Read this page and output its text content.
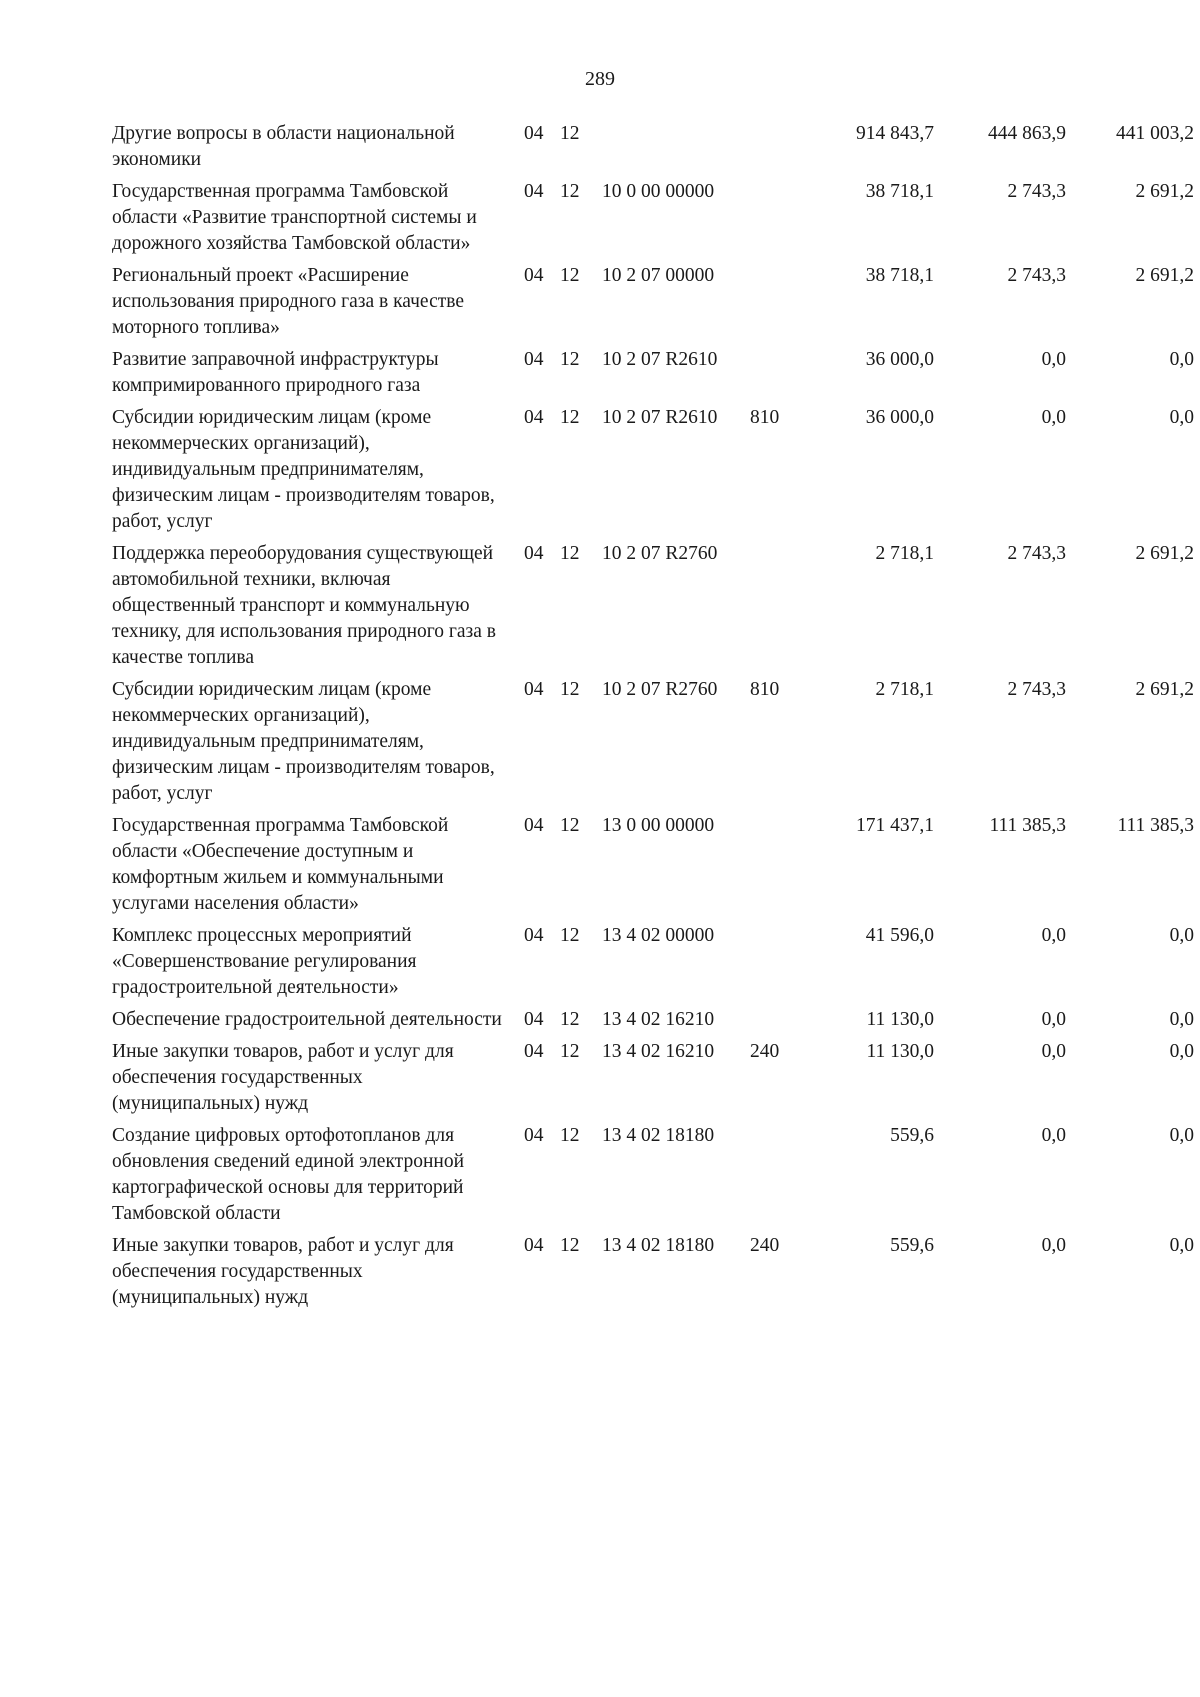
289
Другие вопросы в области национальной экономики	04	12			914 843,7	444 863,9	441 003,2
Государственная программа Тамбовской области «Развитие транспортной системы и дорожного хозяйства Тамбовской области»	04	12	10 0 00 00000		38 718,1	2 743,3	2 691,2
Региональный проект «Расширение использования природного газа в качестве моторного топлива»	04	12	10 2 07 00000		38 718,1	2 743,3	2 691,2
Развитие заправочной инфраструктуры компримированного природного газа	04	12	10 2 07 R2610		36 000,0	0,0	0,0
Субсидии юридическим лицам (кроме некоммерческих организаций), индивидуальным предпринимателям, физическим лицам - производителям товаров, работ, услуг	04	12	10 2 07 R2610	810	36 000,0	0,0	0,0
Поддержка переоборудования существующей автомобильной техники, включая общественный транспорт и коммунальную технику, для использования природного газа в качестве топлива	04	12	10 2 07 R2760		2 718,1	2 743,3	2 691,2
Субсидии юридическим лицам (кроме некоммерческих организаций), индивидуальным предпринимателям, физическим лицам - производителям товаров, работ, услуг	04	12	10 2 07 R2760	810	2 718,1	2 743,3	2 691,2
Государственная программа Тамбовской области «Обеспечение доступным и комфортным жильем и коммунальными услугами населения области»	04	12	13 0 00 00000		171 437,1	111 385,3	111 385,3
Комплекс процессных мероприятий «Совершенствование регулирования градостроительной деятельности»	04	12	13 4 02 00000		41 596,0	0,0	0,0
Обеспечение градостроительной деятельности	04	12	13 4 02 16210		11 130,0	0,0	0,0
Иные закупки товаров, работ и услуг для обеспечения государственных (муниципальных) нужд	04	12	13 4 02 16210	240	11 130,0	0,0	0,0
Создание цифровых ортофотопланов для обновления сведений единой электронной картографической основы для территорий Тамбовской области	04	12	13 4 02 18180		559,6	0,0	0,0
Иные закупки товаров, работ и услуг для обеспечения государственных (муниципальных) нужд	04	12	13 4 02 18180	240	559,6	0,0	0,0
